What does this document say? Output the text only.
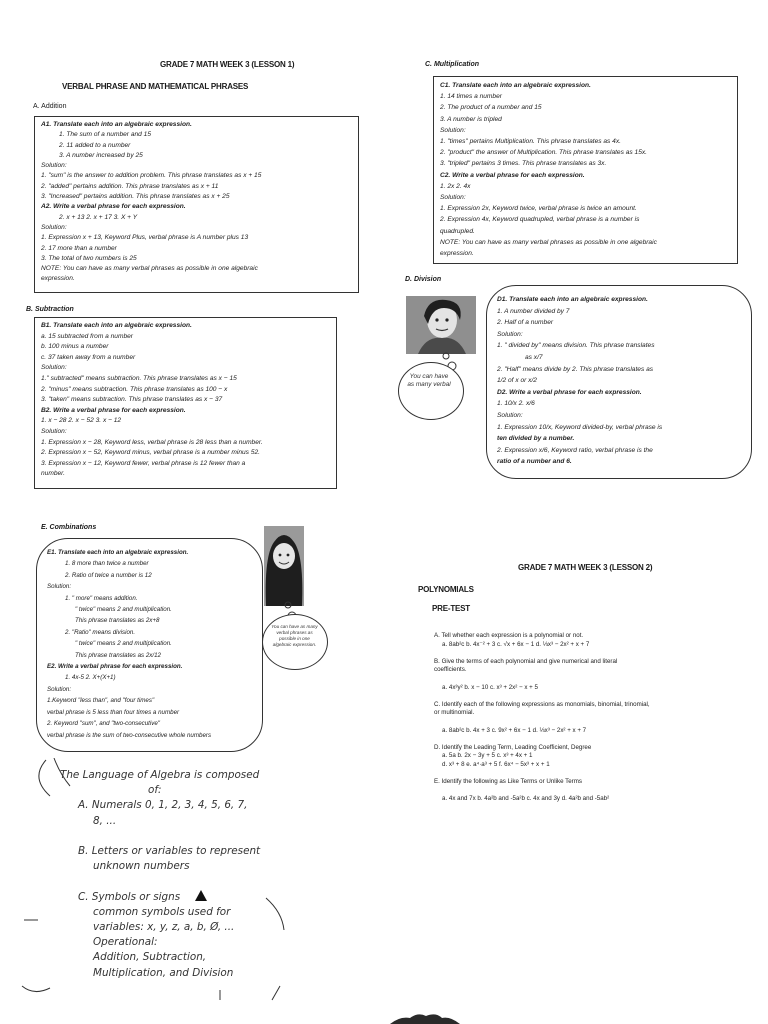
GRADE 7 MATH WEEK 3 (LESSON 1)
VERBAL PHRASE AND MATHEMATICAL PHRASES
A. Addition
A1. Translate each into an algebraic expression.
1. The sum of a number and 15
2. 11 added to a number
3. A number increased by 25
Solution:
1. "sum" is the answer to addition problem. This phrase translates as x + 15
2. "added" pertains addition. This phrase translates as x + 11
3. "Increased" pertains addition. This phrase translates as x + 25
A2. Write a verbal phrase for each expression.
2. x + 13 2. x + 17 3. X + Y
Solution:
1. Expression x + 13, Keyword Plus, verbal phrase is A number plus 13
2. 17 more than a number
3. The total of two numbers is 25
NOTE: You can have as many verbal phrases as possible in one algebraic
expression.
B. Subtraction
B1. Translate each into an algebraic expression.
a. 15 subtracted from a number
b. 100 minus a number
c. 37 taken away from a number
Solution:
1." subtracted" means subtraction. This phrase translates as x − 15
2. "minus" means subtraction. This phrase translates as 100 − x
3. "taken" means subtraction. This phrase translates as x − 37
B2. Write a verbal phrase for each expression.
1. x − 28 2. x − 52 3. x − 12
Solution:
1. Expression x − 28, Keyword less, verbal phrase is 28 less than a number.
2. Expression x − 52, Keyword minus, verbal phrase is a number minus 52.
3. Expression x − 12, Keyword fewer, verbal phrase is 12 fewer than a
number.
C. Multiplication
C1. Translate each into an algebraic expression.
1. 14 times a number
2. The product of a number and 15
3. A number is tripled
Solution:
1. "times" pertains Multiplication. This phrase translates as 4x.
2. "product" the answer of Multiplication. This phrase translates as 15x.
3. "tripled" pertains 3 times. This phrase translates as 3x.
C2. Write a verbal phrase for each expression.
1. 2x 2. 4x
Solution:
1. Expression 2x, Keyword twice, verbal phrase is twice an amount.
2. Expression 4x, Keyword quadrupled, verbal phrase is a number is
quadrupled.
NOTE: You can have as many verbal phrases as possible in one algebraic
expression.
D. Division
You can have as many verbal
D1. Translate each into an algebraic expression.
1. A number divided by 7
2. Half of a number
Solution:
1. " divided by" means division. This phrase translates
as x/7
2. "Half" means divide by 2. This phrase translates as
1/2 of x or x/2
D2. Write a verbal phrase for each expression.
1. 10/x 2. x/6
Solution:
1. Expression 10/x, Keyword divided-by, verbal phrase is
ten divided by a number.
2. Expression x/6, Keyword ratio, verbal phrase is the
ratio of a number and 6.
E. Combinations
E1. Translate each into an algebraic expression.
1. 8 more than twice a number
2. Ratio of twice a number is 12
Solution:
1. " more" means addition.
" twice" means 2 and multiplication.
This phrase translates as 2x+8
2. "Ratio" means division.
" twice" means 2 and multiplication.
This phrase translates as 2x/12
E2. Write a verbal phrase for each expression.
1. 4x-5 2. X+(X+1)
Solution:
1.Keyword "less than", and "four times"
verbal phrase is 5 less than four times a number
2. Keyword "sum", and "two-consecutive"
verbal phrase is the sum of two-consecutive whole numbers
You can have as many verbal phrases as possible in one algebraic expression.
The Language of Algebra is composed
of:
A. Numerals 0, 1, 2, 3, 4, 5, 6, 7,
8, ...

B. Letters or variables to represent
unknown numbers

C. Symbols or signs
common symbols used for
variables: x, y, z, a, b, Ø, ...
Operational:
Addition, Subtraction,
Multiplication, and Division
GRADE 7 MATH WEEK 3 (LESSON 2)
POLYNOMIALS
PRE-TEST
A. Tell whether each expression is a polynomial or not.
a. 8ab²c b. 4x⁻² + 3 c. √x + 6x − 1 d. ⅓x³ − 2x² + x + 7

B. Give the terms of each polynomial and give numerical and literal
coefficients.

a. 4x³y² b. x − 10 c. x³ + 2x² − x + 5

C. Identify each of the following expressions as monomials, binomial, trinomial,
or multinomial.

a. 8ab²c b. 4x + 3 c. 9x² + 6x − 1 d. ⅓x³ − 2x² + x + 7

D. Identify the Leading Term, Leading Coefficient, Degree
a. 5a b. 2x − 3y + 5 c. x³ + 4x + 1
d. x³ + 8 e. a⁴·a³ + 5 f. 6x⁴ − 5x³ + x + 1

E. Identify the following as Like Terms or Unlike Terms

a. 4x and 7x b. 4a²b and -5a²b c. 4x and 3y d. 4a²b and -5ab²
